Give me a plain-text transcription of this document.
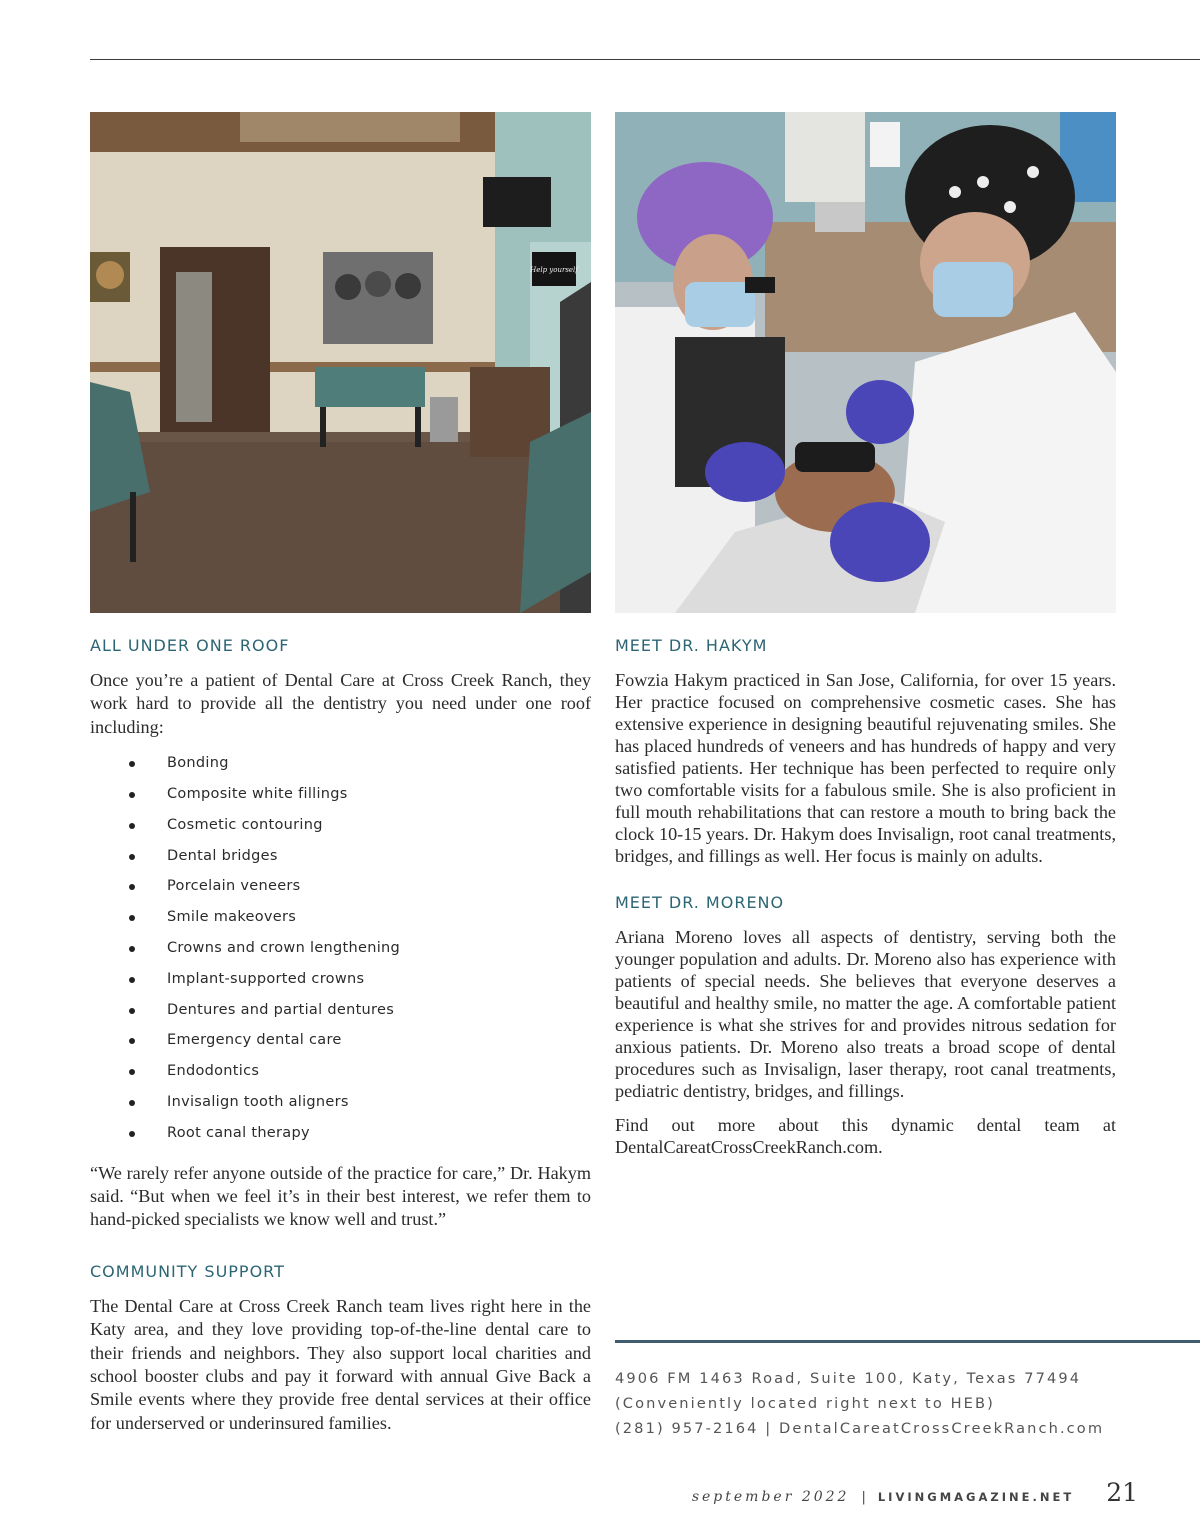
Help yourself
ALL UNDER ONE ROOF

Once you’re a patient of Dental Care at Cross Creek Ranch, they work hard to provide all the dentistry you need under one roof including:

Bonding
Composite white fillings
Cosmetic contouring
Dental bridges
Porcelain veneers
Smile makeovers
Crowns and crown lengthening
Implant-supported crowns
Dentures and partial dentures
Emergency dental care
Endodontics
Invisalign tooth aligners
Root canal therapy

“We rarely refer anyone outside of the practice for care,” Dr. Hakym said. “But when we feel it’s in their best interest, we refer them to hand-picked specialists we know well and trust.”

COMMUNITY SUPPORT

The Dental Care at Cross Creek Ranch team lives right here in the Katy area, and they love providing top-of-the-line dental care to their friends and neighbors. They also support local charities and school booster clubs and pay it forward with annual Give Back a Smile events where they provide free dental services at their office for underserved or underinsured families.

MEET DR. HAKYM

Fowzia Hakym practiced in San Jose, California, for over 15 years. Her practice focused on comprehensive cosmetic cases. She has extensive experience in designing beautiful rejuvenating smiles. She has placed hundreds of veneers and has hundreds of happy and very satisfied patients. Her technique has been perfected to require only two comfortable visits for a fabulous smile. She is also proficient in full mouth rehabilitations that can restore a mouth to bring back the clock 10-15 years. Dr. Hakym does Invisalign, root canal treatments, bridges, and fillings as well. Her focus is mainly on adults.

MEET DR. MORENO

Ariana Moreno loves all aspects of dentistry, serving both the younger population and adults. Dr. Moreno also has experience with patients of special needs. She believes that everyone deserves a beautiful and healthy smile, no matter the age. A comfortable patient experience is what she strives for and provides nitrous sedation for anxious patients. Dr. Moreno also treats a broad scope of dental procedures such as Invisalign, laser therapy, root canal treatments, pediatric dentistry, bridges, and fillings.

Find out more about this dynamic dental team at DentalCareatCrossCreekRanch.com.

4906 FM 1463 Road, Suite 100, Katy, Texas 77494
(Conveniently located right next to HEB)
(281) 957-2164 | DentalCareatCrossCreekRanch.com
september 2022 | LIVINGMAGAZINE.NET 21
